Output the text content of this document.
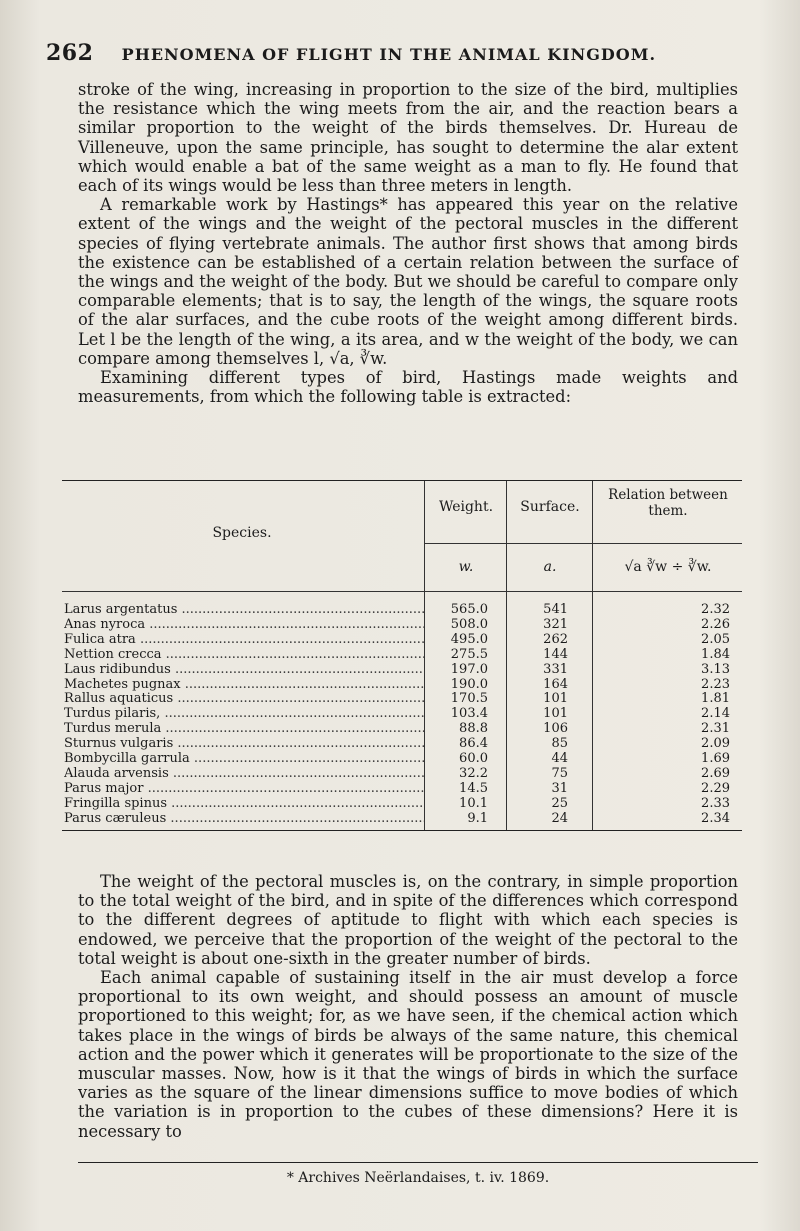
262 PHENOMENA OF FLIGHT IN THE ANIMAL KINGDOM.

stroke of the wing, increasing in proportion to the size of the bird, multiplies the resistance which the wing meets from the air, and the reaction bears a similar proportion to the weight of the birds themselves. Dr. Hureau de Villeneuve, upon the same principle, has sought to determine the alar extent which would enable a bat of the same weight as a man to fly. He found that each of its wings would be less than three meters in length.

A remarkable work by Hastings* has appeared this year on the relative extent of the wings and the weight of the pectoral muscles in the different species of flying vertebrate animals. The author first shows that among birds the existence can be established of a certain relation between the surface of the wings and the weight of the body. But we should be careful to compare only comparable elements; that is to say, the length of the wings, the square roots of the alar surfaces, and the cube roots of the weight among different birds. Let l be the length of the wing, a its area, and w the weight of the body, we can compare among themselves l, √a, ∛w.

Examining different types of bird, Hastings made weights and measurements, from which the following table is extracted:

Species.
Weight.	Surface.
Relation between them.
w.	a.	√a ∛w ÷ ∛w.
Larus argentatus .....	565.0	541	2.32
Anas nyroca .....	508.0	321	2.26
Fulica atra .....	495.0	262	2.05
Nettion crecca .....	275.5	144	1.84
Laus ridibundus .....	197.0	331	3.13
Machetes pugnax .....	190.0	164	2.23
Rallus aquaticus .....	170.5	101	1.81
Turdus pilaris, .....	103.4	101	2.14
Turdus merula .....	88.8	106	2.31
Sturnus vulgaris .....	86.4	85	2.09
Bombycilla garrula .....	60.0	44	1.69
Alauda arvensis .....	32.2	75	2.69
Parus major .....	14.5	31	2.29
Fringilla spinus .....	10.1	25	2.33
Parus cæruleus .....	9.1	24	2.34

The weight of the pectoral muscles is, on the contrary, in simple proportion to the total weight of the bird, and in spite of the differences which correspond to the different degrees of aptitude to flight with which each species is endowed, we perceive that the proportion of the weight of the pectoral to the total weight is about one-sixth in the greater number of birds.

Each animal capable of sustaining itself in the air must develop a force proportional to its own weight, and should possess an amount of muscle proportioned to this weight; for, as we have seen, if the chemical action which takes place in the wings of birds be always of the same nature, this chemical action and the power which it generates will be proportionate to the size of the muscular masses. Now, how is it that the wings of birds in which the surface varies as the square of the linear dimensions suffice to move bodies of which the variation is in proportion to the cubes of these dimensions? Here it is necessary to

* Archives Neërlandaises, t. iv. 1869.
